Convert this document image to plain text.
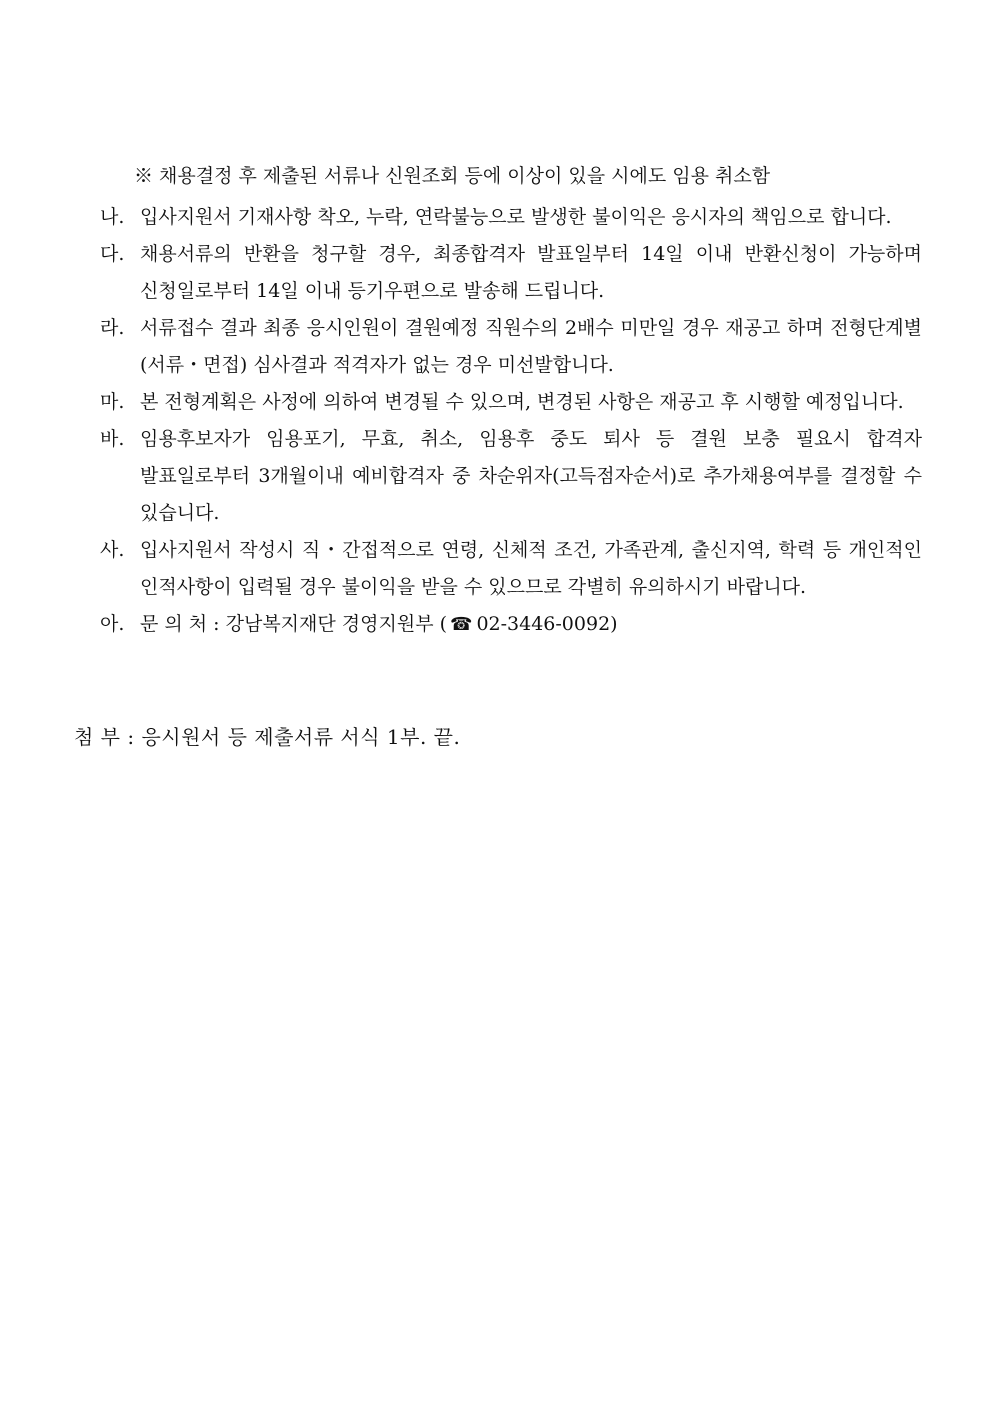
※ 채용결정 후 제출된 서류나 신원조회 등에 이상이 있을 시에도 임용 취소함
나. 입사지원서 기재사항 착오, 누락, 연락불능으로 발생한 불이익은 응시자의 책임으로 합니다.
다. 채용서류의 반환을 청구할 경우, 최종합격자 발표일부터 14일 이내 반환신청이 가능하며 신청일로부터 14일 이내 등기우편으로 발송해 드립니다.
라. 서류접수 결과 최종 응시인원이 결원예정 직원수의 2배수 미만일 경우 재공고 하며 전형단계별 (서류・면접) 심사결과 적격자가 없는 경우 미선발합니다.
마. 본 전형계획은 사정에 의하여 변경될 수 있으며, 변경된 사항은 재공고 후 시행할 예정입니다.
바. 임용후보자가 임용포기, 무효, 취소, 임용후 중도 퇴사 등 결원 보충 필요시 합격자 발표일로부터 3개월이내 예비합격자 중 차순위자(고득점자순서)로 추가채용여부를 결정할 수 있습니다.
사. 입사지원서 작성시 직・간접적으로 연령, 신체적 조건, 가족관계, 출신지역, 학력 등 개인적인 인적사항이 입력될 경우 불이익을 받을 수 있으므로 각별히 유의하시기 바랍니다.
아. 문 의 처 : 강남복지재단 경영지원부 ( ☎ 02-3446-0092)
첨 부 : 응시원서 등 제출서류 서식 1부. 끝.
